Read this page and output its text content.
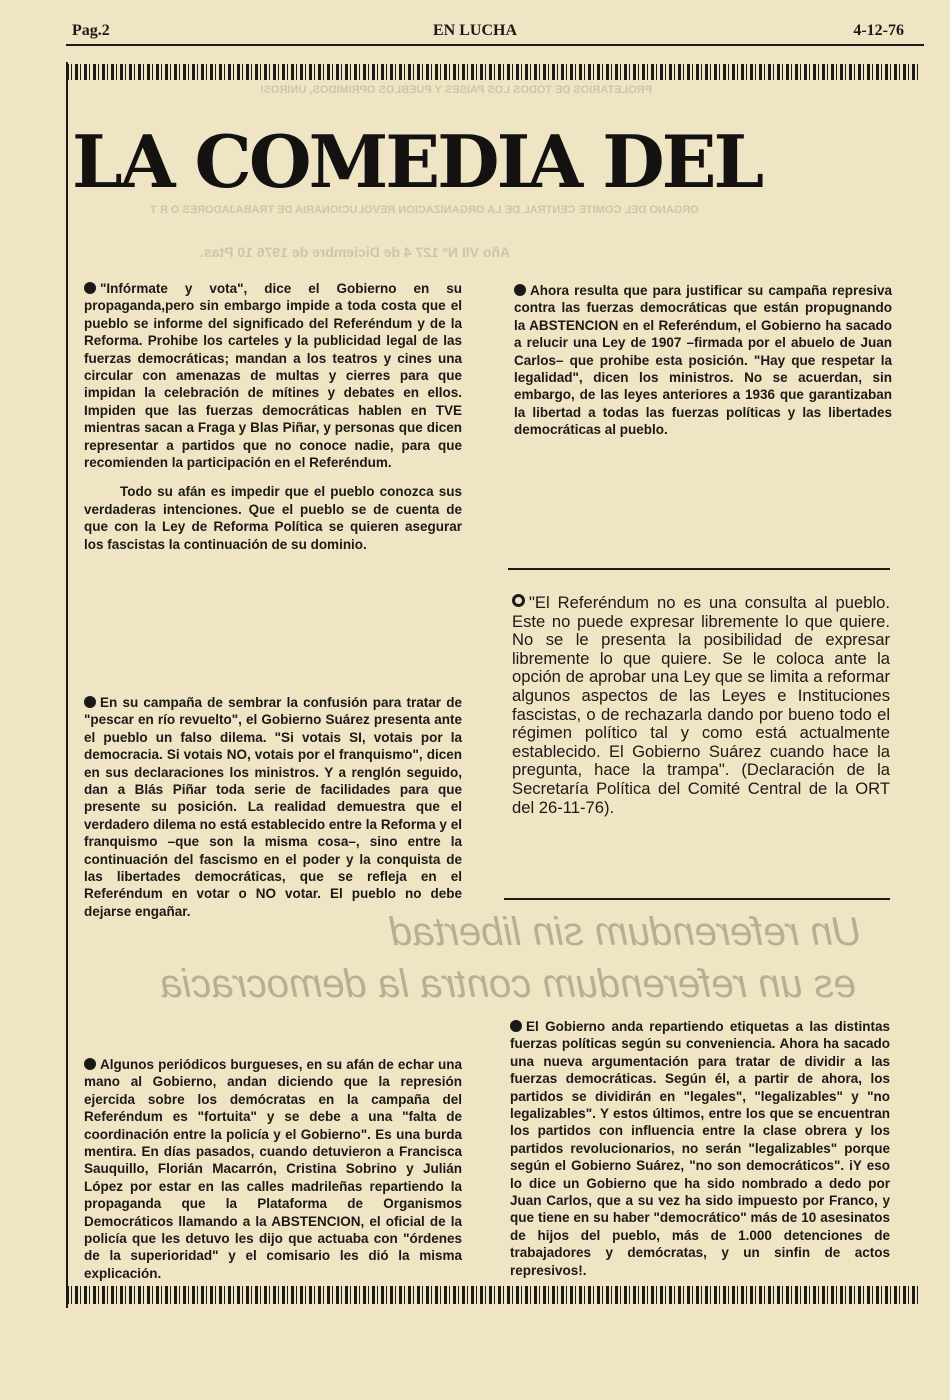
Pag.2	EN LUCHA	4-12-76
PROLETARIOS DE TODOS LOS PAISES Y PUEBLOS OPRIMIDOS, UNIROS!
ORGANO DEL COMITE CENTRAL DE LA ORGANIZACION REVOLUCIONARIA DE TRABAJADORES O R T
Año VII Nº 127 4 de Diciembre de 1976 10 Ptas.
Un referendum sin libertad
es un referendum contra la democracia
LA COMEDIA DEL

"Infórmate y vota", dice el Gobierno en su propaganda,pero sin embargo impide a toda costa que el pueblo se informe del significado del Referéndum y de la Reforma. Prohibe los carteles y la publicidad legal de las fuerzas democráticas; mandan a los teatros y cines una circular con amenazas de multas y cierres para que impidan la celebración de mítines y debates en ellos. Impiden que las fuerzas democráticas hablen en TVE mientras sacan a Fraga y Blas Piñar, y personas que dicen representar a partidos que no conoce nadie, para que recomienden la participación en el Referéndum.

Todo su afán es impedir que el pueblo conozca sus verdaderas intenciones. Que el pueblo se de cuenta de que con la Ley de Reforma Política se quieren asegurar los fascistas la continuación de su dominio.

Ahora resulta que para justificar su campaña represiva contra las fuerzas democráticas que están propugnando la ABSTENCION en el Referéndum, el Gobierno ha sacado a relucir una Ley de 1907 –firmada por el abuelo de Juan Carlos– que prohibe esta posición. "Hay que respetar la legalidad", dicen los ministros. No se acuerdan, sin embargo, de las leyes anteriores a 1936 que garantizaban la libertad a todas las fuerzas políticas y las libertades democráticas al pueblo.

"El Referéndum no es una consulta al pueblo. Este no puede expresar libremente lo que quiere. No se le presenta la posibilidad de expresar libremente lo que quiere. Se le coloca ante la opción de aprobar una Ley que se limita a reformar algunos aspectos de las Leyes e Instituciones fascistas, o de rechazarla dando por bueno todo el régimen político tal y como está actualmente establecido. El Gobierno Suárez cuando hace la pregunta, hace la trampa". (Declaración de la Secretaría Política del Comité Central de la ORT del 26-11-76).

En su campaña de sembrar la confusión para tratar de "pescar en río revuelto", el Gobierno Suárez presenta ante el pueblo un falso dilema. "Si votais SI, votais por la democracia. Si votais NO, votais por el franquismo", dicen en sus declaraciones los ministros. Y a renglón seguido, dan a Blás Piñar toda serie de facilidades para que presente su posición. La realidad demuestra que el verdadero dilema no está establecido entre la Reforma y el franquismo –que son la misma cosa–, sino entre la continuación del fascismo en el poder y la conquista de las libertades democráticas, que se refleja en el Referéndum en votar o NO votar. El pueblo no debe dejarse engañar.

El Gobierno anda repartiendo etiquetas a las distintas fuerzas políticas según su conveniencia. Ahora ha sacado una nueva argumentación para tratar de dividir a las fuerzas democráticas. Según él, a partir de ahora, los partidos se dividirán en "legales", "legalizables" y "no legalizables". Y estos últimos, entre los que se encuentran los partidos con influencia entre la clase obrera y los partidos revolucionarios, no serán "legalizables" porque según el Gobierno Suárez, "no son democráticos". iY eso lo dice un Gobierno que ha sido nombrado a dedo por Juan Carlos, que a su vez ha sido impuesto por Franco, y que tiene en su haber "democrático" más de 10 asesinatos de hijos del pueblo, más de 1.000 detenciones de trabajadores y demócratas, y un sinfin de actos represivos!.

Algunos periódicos burgueses, en su afán de echar una mano al Gobierno, andan diciendo que la represión ejercida sobre los demócratas en la campaña del Referéndum es "fortuita" y se debe a una "falta de coordinación entre la policía y el Gobierno". Es una burda mentira. En días pasados, cuando detuvieron a Francisca Sauquillo, Florián Macarrón, Cristina Sobrino y Julián López por estar en las calles madrileñas repartiendo la propaganda que la Plataforma de Organismos Democráticos llamando a la ABSTENCION, el oficial de la policía que les detuvo les dijo que actuaba con "órdenes de la superioridad" y el comisario les dió la misma explicación.
